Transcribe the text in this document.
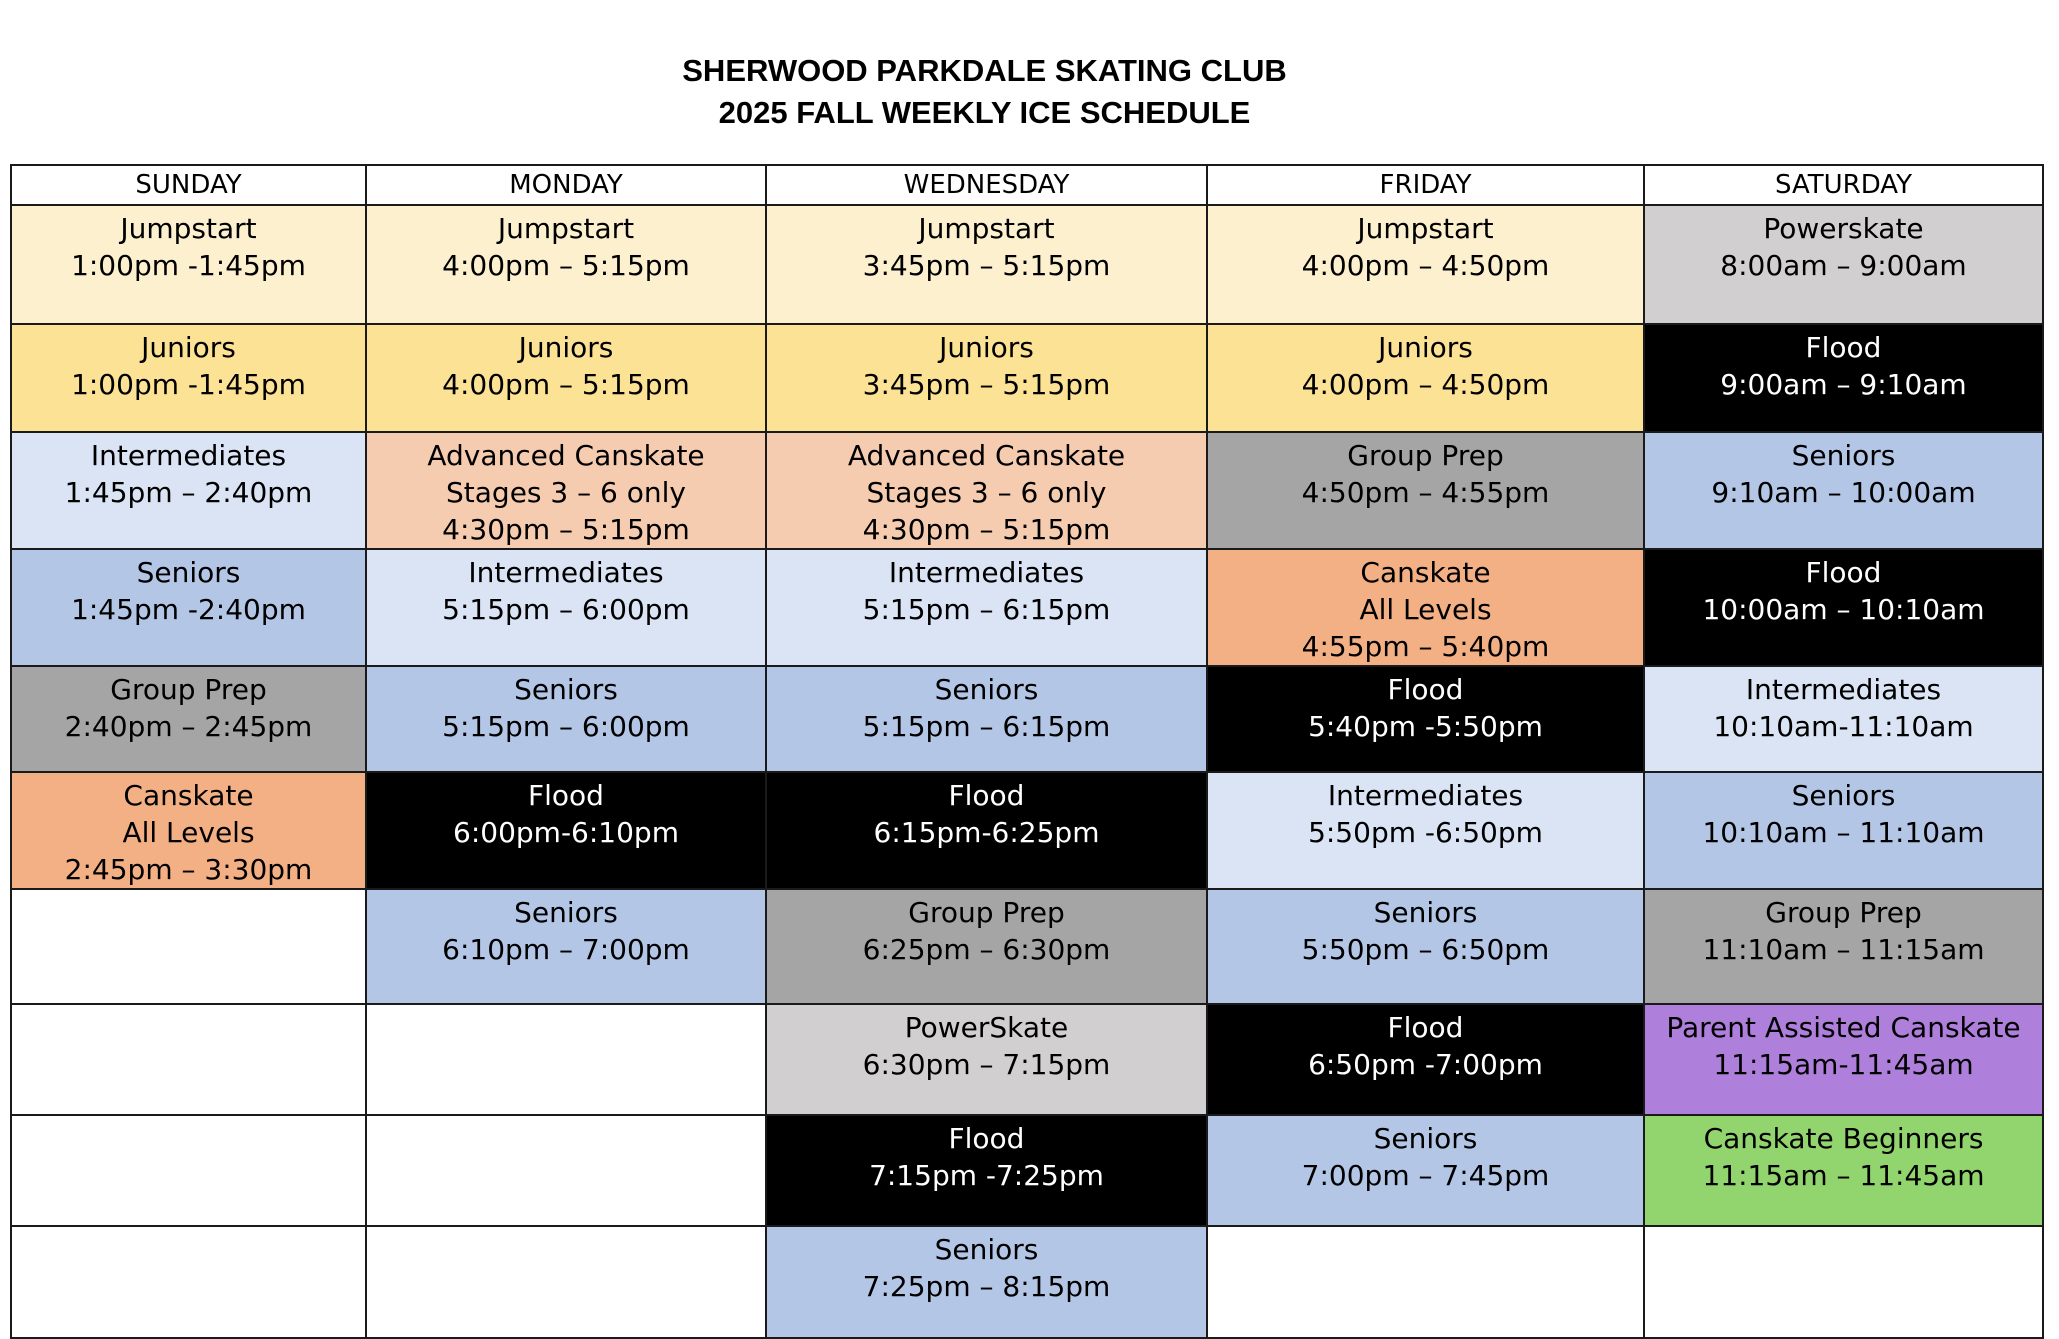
SHERWOOD PARKDALE SKATING CLUB
2025 FALL WEEKLY ICE SCHEDULE
SUNDAY	MONDAY	WEDNESDAY	FRIDAY	SATURDAY

Jumpstart
1:00pm -1:45pm	Jumpstart
4:00pm – 5:15pm	Jumpstart
3:45pm – 5:15pm	Jumpstart
4:00pm – 4:50pm	Powerskate
8:00am – 9:00am

Juniors
1:00pm -1:45pm	Juniors
4:00pm – 5:15pm	Juniors
3:45pm – 5:15pm	Juniors
4:00pm – 4:50pm	Flood
9:00am – 9:10am

Intermediates
1:45pm – 2:40pm	Advanced Canskate
Stages 3 – 6 only
4:30pm – 5:15pm	Advanced Canskate
Stages 3 – 6 only
4:30pm – 5:15pm	Group Prep
4:50pm – 4:55pm	Seniors
9:10am – 10:00am

Seniors
1:45pm -2:40pm	Intermediates
5:15pm – 6:00pm	Intermediates
5:15pm – 6:15pm	Canskate
All Levels
4:55pm – 5:40pm	Flood
10:00am – 10:10am

Group Prep
2:40pm – 2:45pm	Seniors
5:15pm – 6:00pm	Seniors
5:15pm – 6:15pm	Flood
5:40pm -5:50pm	Intermediates
10:10am-11:10am

Canskate
All Levels
2:45pm – 3:30pm	Flood
6:00pm-6:10pm	Flood
6:15pm-6:25pm	Intermediates
5:50pm -6:50pm	Seniors
10:10am – 11:10am

	Seniors
6:10pm – 7:00pm	Group Prep
6:25pm – 6:30pm	Seniors
5:50pm – 6:50pm	Group Prep
11:10am – 11:15am

		PowerSkate
6:30pm – 7:15pm	Flood
6:50pm -7:00pm	Parent Assisted Canskate
11:15am-11:45am

		Flood
7:15pm -7:25pm	Seniors
7:00pm – 7:45pm	Canskate Beginners
11:15am – 11:45am

		Seniors
7:25pm – 8:15pm		
